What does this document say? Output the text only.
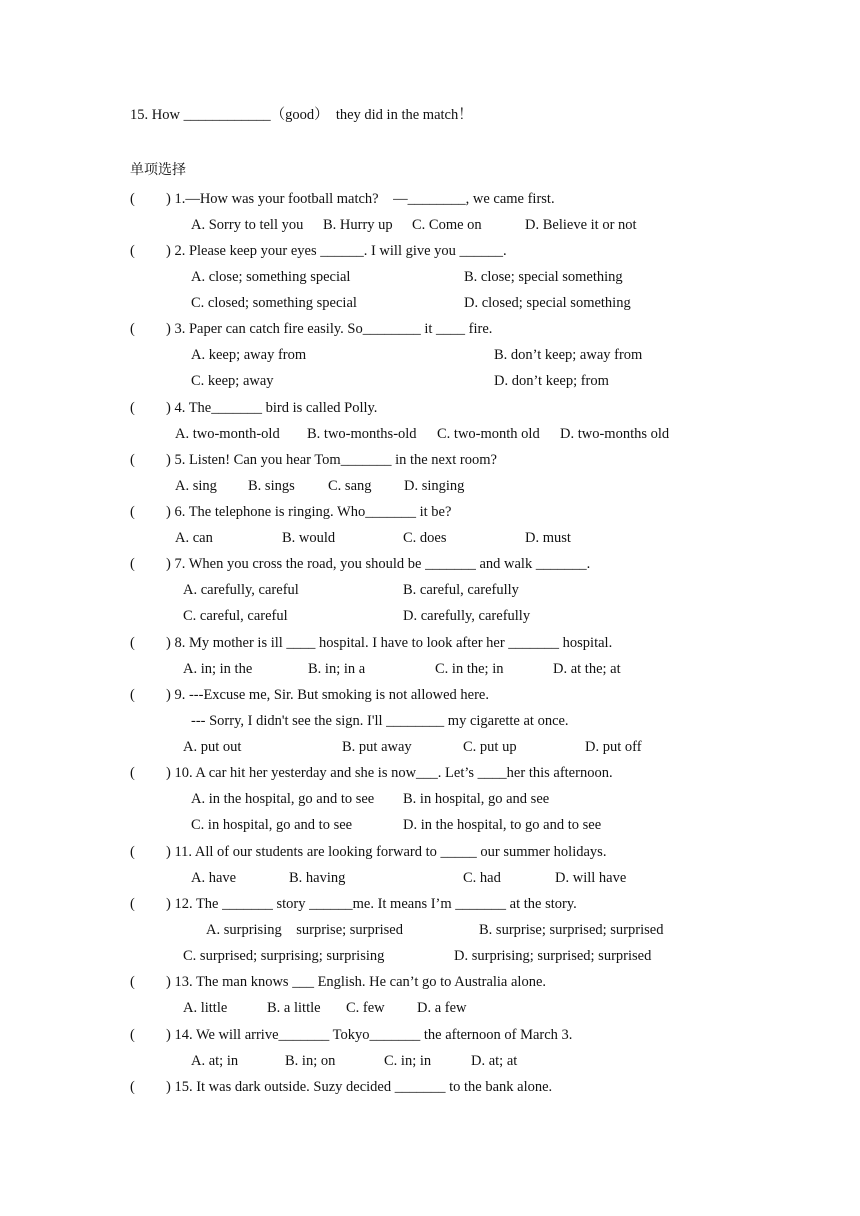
15. How ____________（good）  they did in the match！
单项选择
( ) 1.—How was your football match?    —________, we came first.
A. Sorry to tell you B. Hurry up C. Come on	D. Believe it or not
( ) 2. Please keep your eyes ______. I will give you ______.
A. close; something special	B. close; special something
C. closed; something special	D. closed; special something
( ) 3. Paper can catch fire easily. So________ it ____ fire.
A. keep; away from	B. don’t keep; away from
C. keep; away	D. don’t keep; from
( ) 4. The_______ bird is called Polly.
A. two-month-old B. two-months-old C. two-month old D. two-months old
( ) 5. Listen! Can you hear Tom_______ in the next room?
A. sing B. sings C. sang D. singing
( ) 6. The telephone is ringing. Who_______ it be?
A. can	B. would	C. does	D. must
( ) 7. When you cross the road, you should be _______ and walk _______.
A. carefully, careful	B. careful, carefully
C. careful, careful	D. carefully, carefully
( ) 8. My mother is ill ____ hospital. I have to look after her _______ hospital.
A. in; in the	B. in; in a	C. in the; in	D. at the; at
( ) 9. ---Excuse me, Sir. But smoking is not allowed here.
--- Sorry, I didn't see the sign. I'll ________ my cigarette at once.
A. put out	B. put away	C. put up	D. put off
( ) 10. A car hit her yesterday and she is now___. Let’s ____her this afternoon.
A. in the hospital, go and to see B. in hospital, go and see
C. in hospital, go and to see	D. in the hospital, to go and to see
( ) 11. All of our students are looking forward to _____ our summer holidays.
A. have	B. having	C. had	D. will have
( ) 12. The _______ story ______me. It means I’m _______ at the story.
A. surprising    surprise; surprised	B. surprise; surprised; surprised
C. surprised; surprising; surprising	D. surprising; surprised; surprised
( ) 13. The man knows ___ English. He can’t go to Australia alone.
A. little	B. a little C. few D. a few
( ) 14. We will arrive_______ Tokyo_______ the afternoon of March 3.
A. at; in	B. in; on	C. in; in	D. at; at
( ) 15. It was dark outside. Suzy decided _______ to the bank alone.
